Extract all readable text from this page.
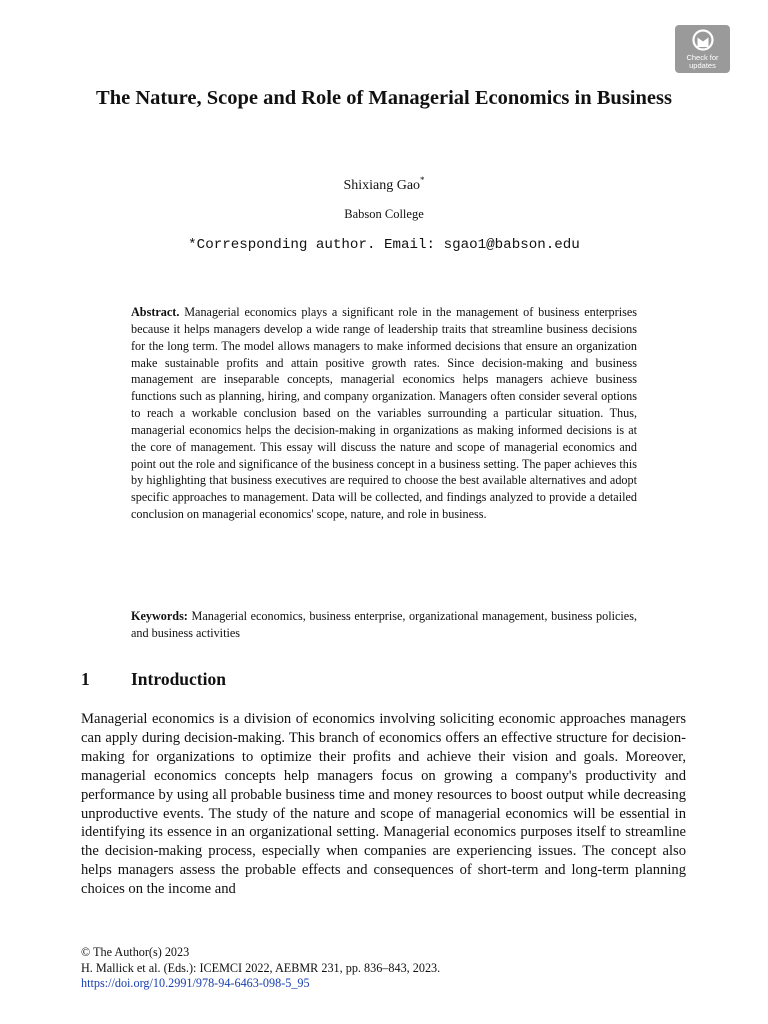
Check for
updates
The Nature, Scope and Role of Managerial Economics in Business
Shixiang Gao*
Babson College
*Corresponding author. Email: sgao1@babson.edu

Abstract. Managerial economics plays a significant role in the management of business enterprises because it helps managers develop a wide range of leadership traits that streamline business decisions for the long term. The model allows managers to make informed decisions that ensure an organization make sustainable profits and attain positive growth rates. Since decision-making and business management are inseparable concepts, managerial economics helps managers achieve business functions such as planning, hiring, and company organization. Managers often consider several options to reach a workable conclusion based on the variables surrounding a particular situation. Thus, managerial economics helps the decision-making in organizations as making informed decisions is at the core of management. This essay will discuss the nature and scope of managerial economics and point out the role and significance of the business concept in a business setting. The paper achieves this by highlighting that business executives are required to choose the best available alternatives and adopt specific approaches to management. Data will be collected, and findings analyzed to provide a detailed conclusion on managerial economics' scope, nature, and role in business.

Keywords: Managerial economics, business enterprise, organizational management, business policies, and business activities

1 Introduction

Managerial economics is a division of economics involving soliciting economic approaches managers can apply during decision-making. This branch of economics offers an effective structure for decision-making for organizations to optimize their profits and achieve their vision and goals. Moreover, managerial economics concepts help managers focus on growing a company's productivity and performance by using all probable business time and money resources to boost output while decreasing unproductive events. The study of the nature and scope of managerial economics will be essential in identifying its essence in an organizational setting. Managerial economics purposes itself to streamline the decision-making process, especially when companies are experiencing issues. The concept also helps managers assess the probable effects and consequences of short-term and long-term planning choices on the income and

© The Author(s) 2023
H. Mallick et al. (Eds.): ICEMCI 2022, AEBMR 231, pp. 836–843, 2023.
https://doi.org/10.2991/978-94-6463-098-5_95
